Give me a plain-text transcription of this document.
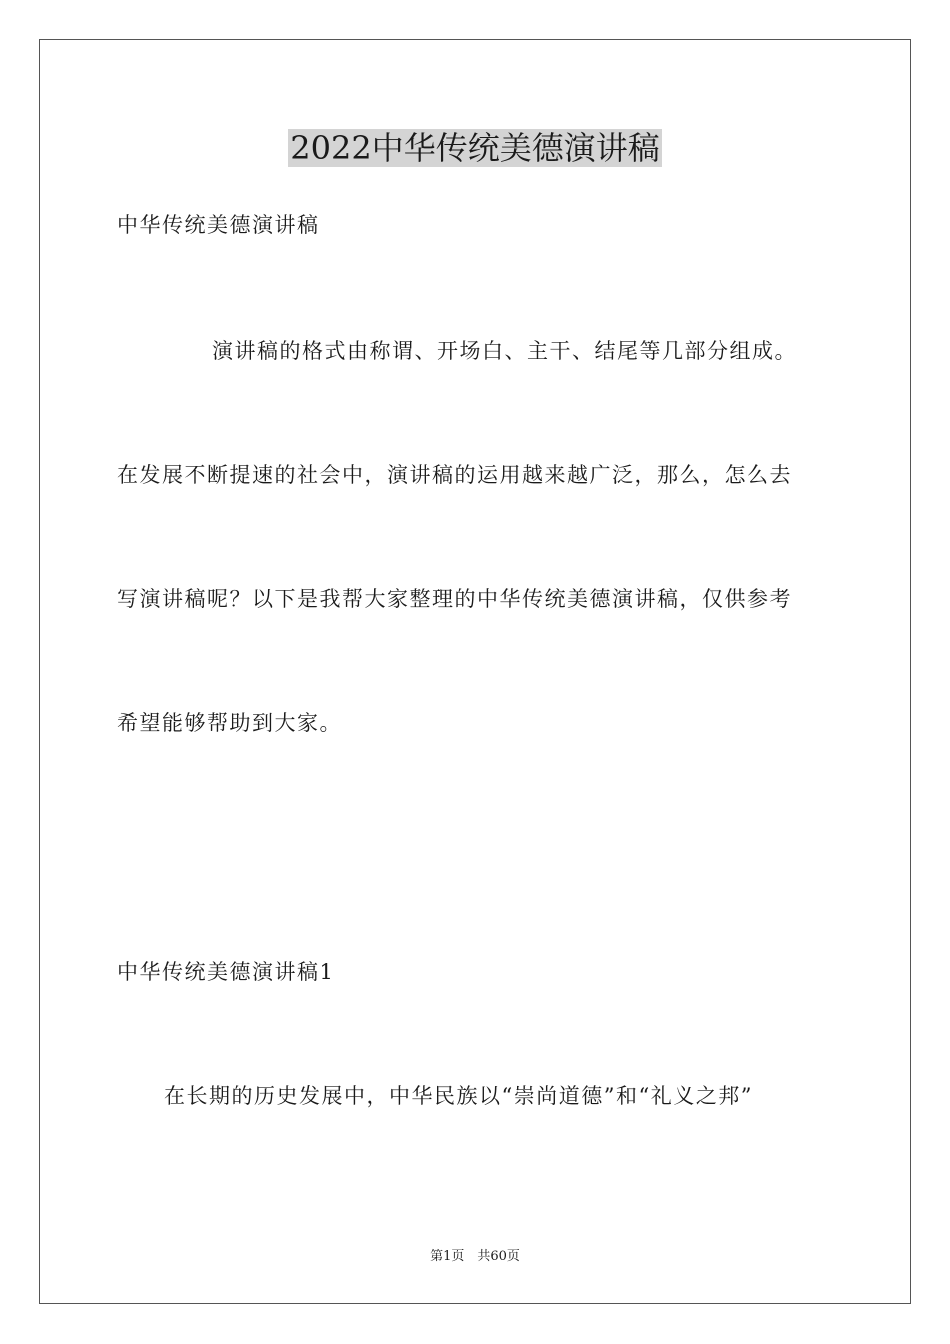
2022中华传统美德演讲稿

中华传统美德演讲稿

演讲稿的格式由称谓、开场白、主干、结尾等几部分组成。

在发展不断提速的社会中，演讲稿的运用越来越广泛，那么，怎么去

写演讲稿呢？以下是我帮大家整理的中华传统美德演讲稿，仅供参考

希望能够帮助到大家。

中华传统美德演讲稿1

在长期的历史发展中，中华民族以“崇尚道德”和“礼义之邦”

第1页　共60页
